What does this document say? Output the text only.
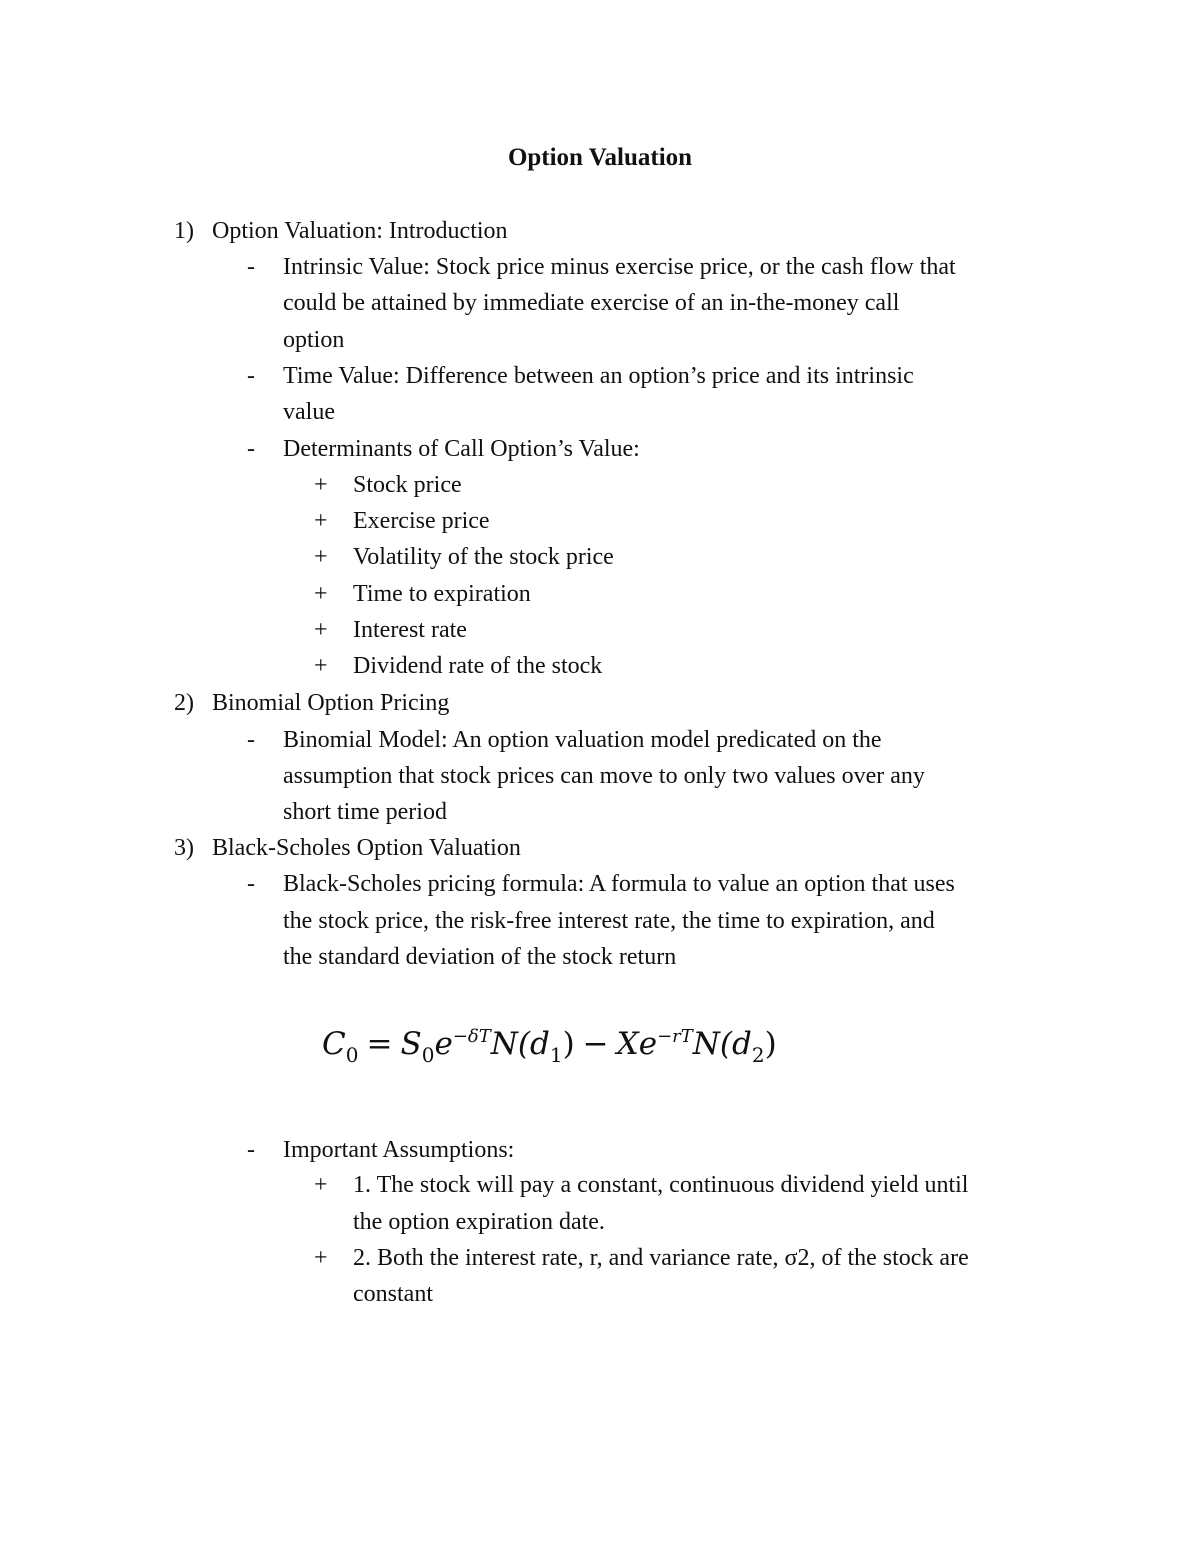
Option Valuation
1) Option Valuation: Introduction
- Intrinsic Value: Stock price minus exercise price, or the cash flow that
could be attained by immediate exercise of an in-the-money call
option
- Time Value: Difference between an option’s price and its intrinsic
value
- Determinants of Call Option’s Value:
+ Stock price
+ Exercise price
+ Volatility of the stock price
+ Time to expiration
+ Interest rate
+ Dividend rate of the stock
2) Binomial Option Pricing
- Binomial Model: An option valuation model predicated on the
assumption that stock prices can move to only two values over any
short time period
3) Black-Scholes Option Valuation
- Black-Scholes pricing formula: A formula to value an option that uses
the stock price, the risk-free interest rate, the time to expiration, and
the standard deviation of the stock return
$C_0 = S_0e^{-\delta T}N(d_1) - Xe^{-rT}N(d_2)$
- Important Assumptions:
+ 1. The stock will pay a constant, continuous dividend yield until
the option expiration date.
+ 2. Both the interest rate, r, and variance rate, σ2, of the stock are
constant
